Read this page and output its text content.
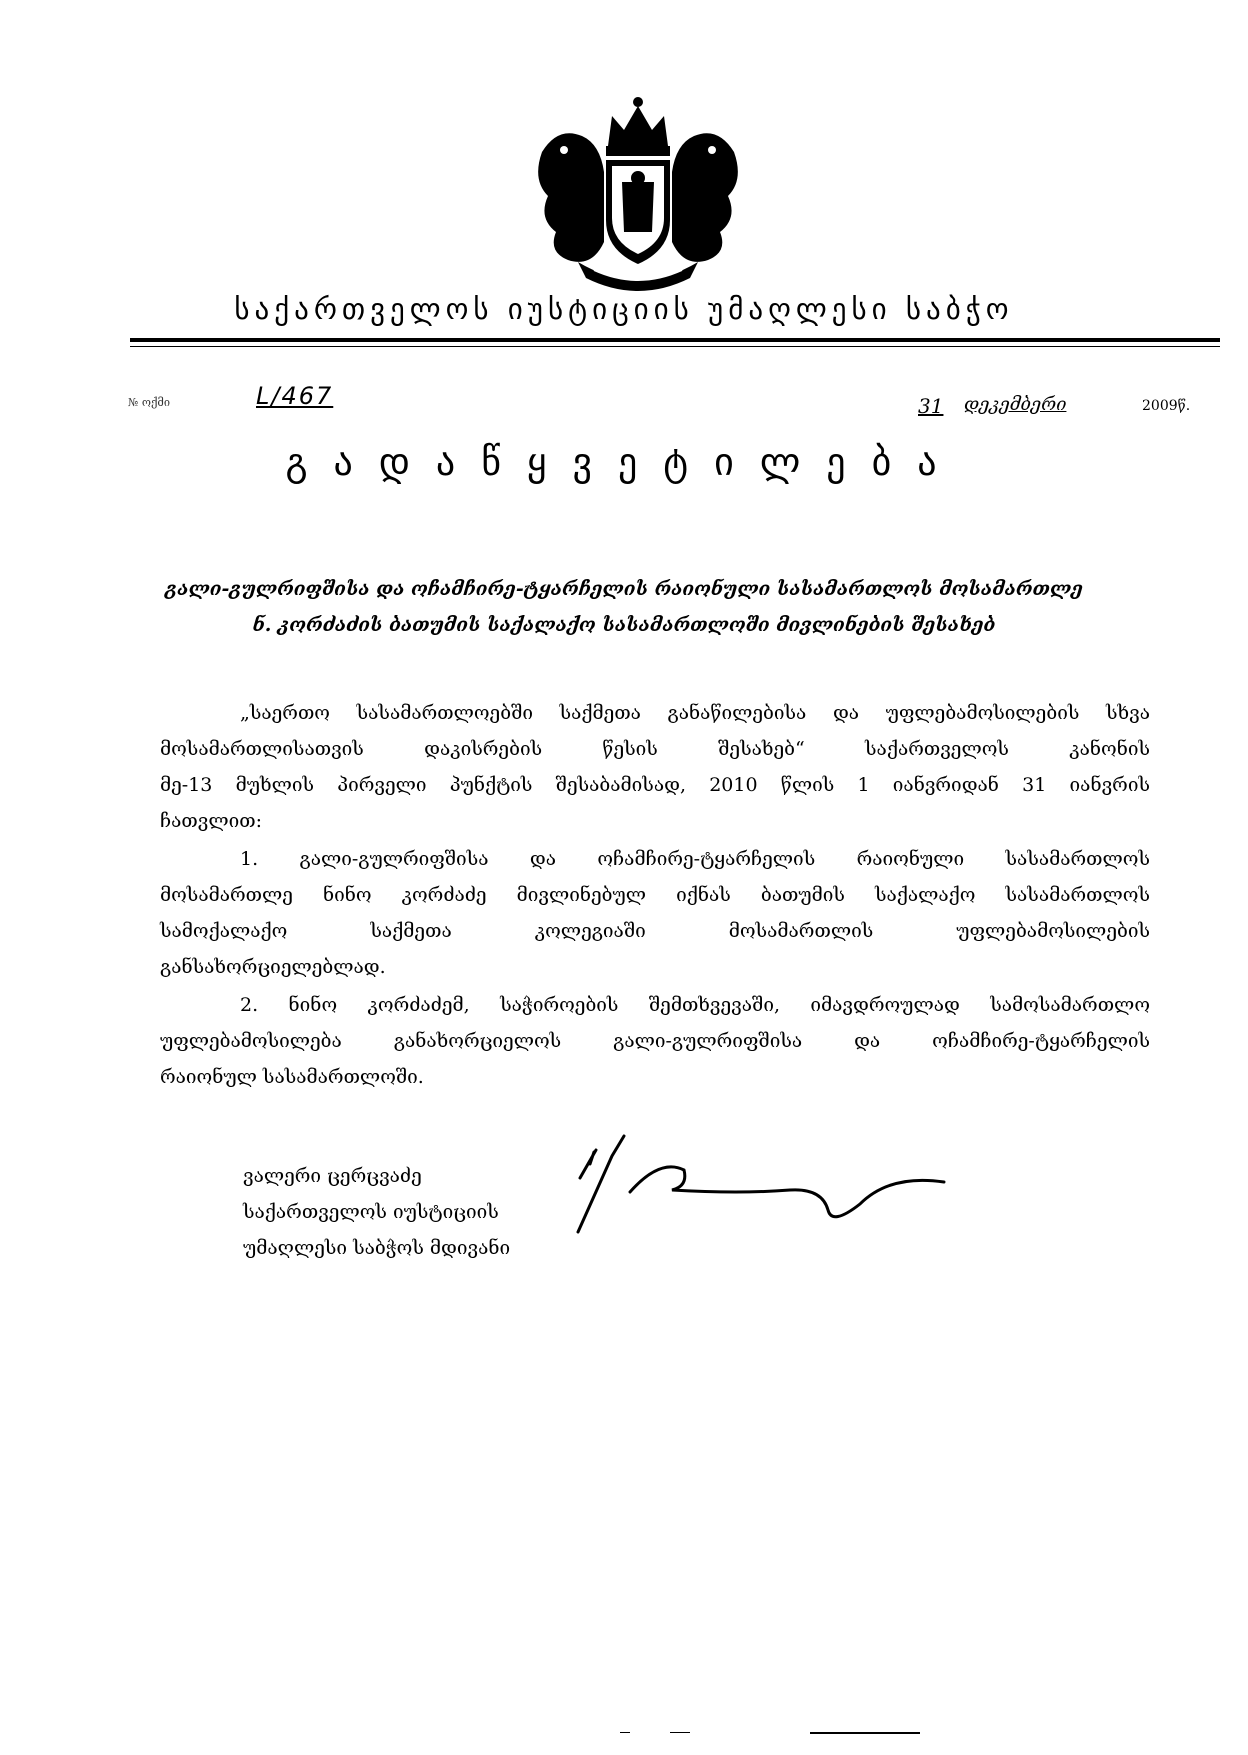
საქართველოს იუსტიციის უმაღლესი საბჭო
№ ოქმი	L/467	31 დეკემბერი	2009წ.
გადაწყვეტილება
გალი-გულრიფშისა და ოჩამჩირე-ტყარჩელის რაიონული სასამართლოს მოსამართლე
ნ. კორძაძის ბათუმის საქალაქო სასამართლოში მივლინების შესახებ
„საერთო სასამართლოებში საქმეთა განაწილებისა და უფლებამოსილების სხვა
მოსამართლისათვის დაკისრების წესის შესახებ“ საქართველოს კანონის
მე-13 მუხლის პირველი პუნქტის შესაბამისად, 2010 წლის 1 იანვრიდან 31 იანვრის
ჩათვლით:
1. გალი-გულრიფშისა და ოჩამჩირე-ტყარჩელის რაიონული სასამართლოს
მოსამართლე ნინო კორძაძე მივლინებულ იქნას ბათუმის საქალაქო სასამართლოს
სამოქალაქო საქმეთა კოლეგიაში მოსამართლის უფლებამოსილების
განსახორციელებლად.
2. ნინო კორძაძემ, საჭიროების შემთხვევაში, იმავდროულად სამოსამართლო
უფლებამოსილება განახორციელოს გალი-გულრიფშისა და ოჩამჩირე-ტყარჩელის
რაიონულ სასამართლოში.
ვალერი ცერცვაძე
საქართველოს იუსტიციის
უმაღლესი საბჭოს მდივანი
